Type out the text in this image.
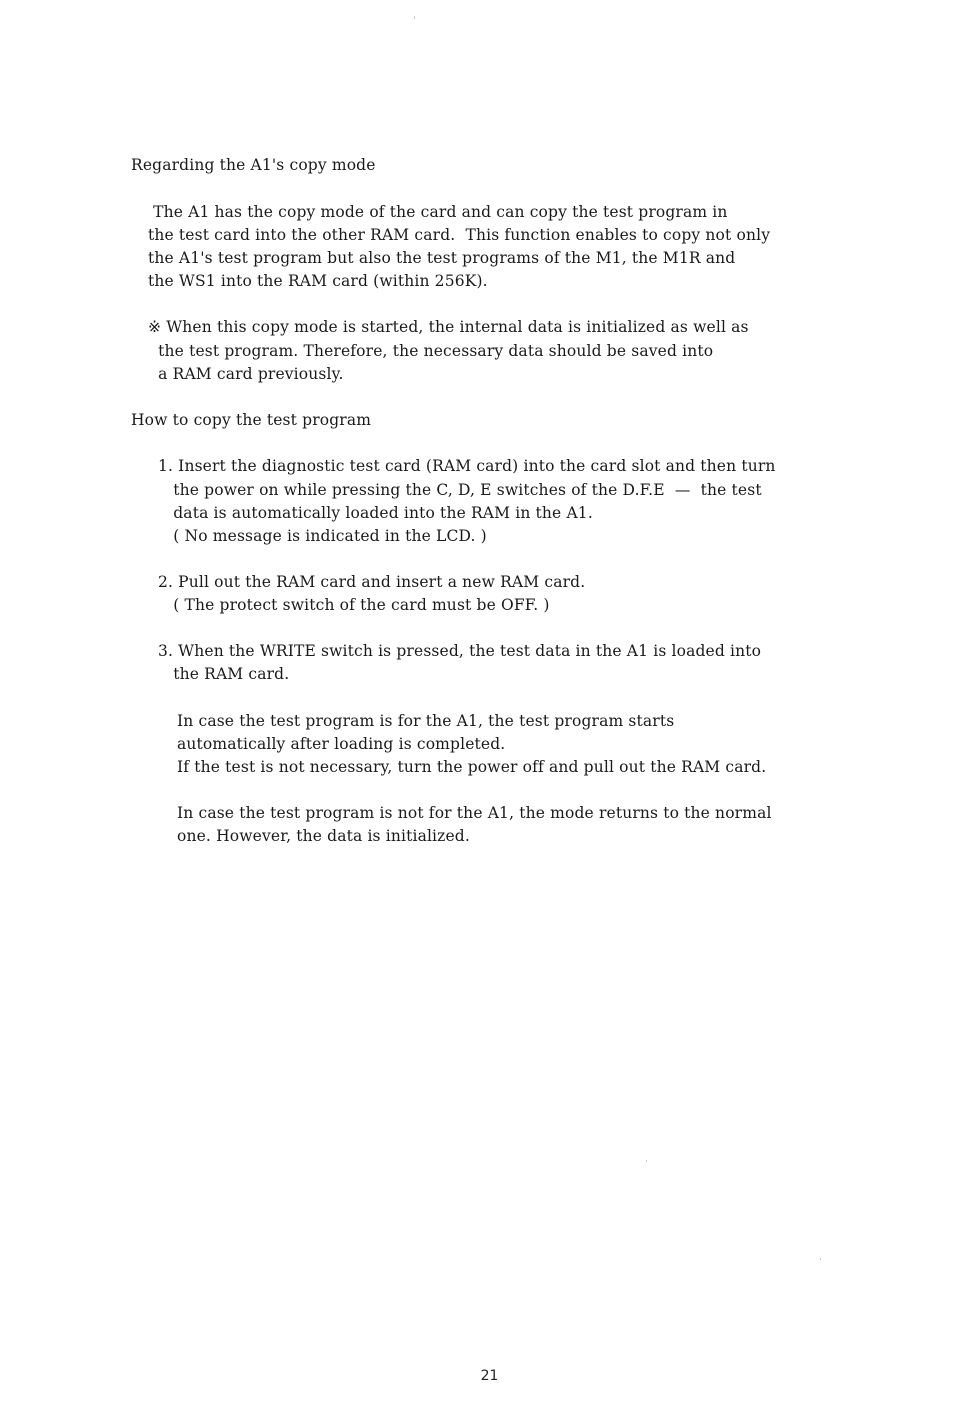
Regarding the A1's copy mode
The A1 has the copy mode of the card and can copy the test program in
the test card into the other RAM card.  This function enables to copy not only
the A1's test program but also the test programs of the M1, the M1R and
the WS1 into the RAM card (within 256K).
※ When this copy mode is started, the internal data is initialized as well as
the test program. Therefore, the necessary data should be saved into
a RAM card previously.
How to copy the test program
1. Insert the diagnostic test card (RAM card) into the card slot and then turn
the power on while pressing the C, D, E switches of the D.F.E  —  the test
data is automatically loaded into the RAM in the A1.
( No message is indicated in the LCD. )
2. Pull out the RAM card and insert a new RAM card.
( The protect switch of the card must be OFF. )
3. When the WRITE switch is pressed, the test data in the A1 is loaded into
the RAM card.
In case the test program is for the A1, the test program starts
automatically after loading is completed.
If the test is not necessary, turn the power off and pull out the RAM card.
In case the test program is not for the A1, the mode returns to the normal
one. However, the data is initialized.
21
